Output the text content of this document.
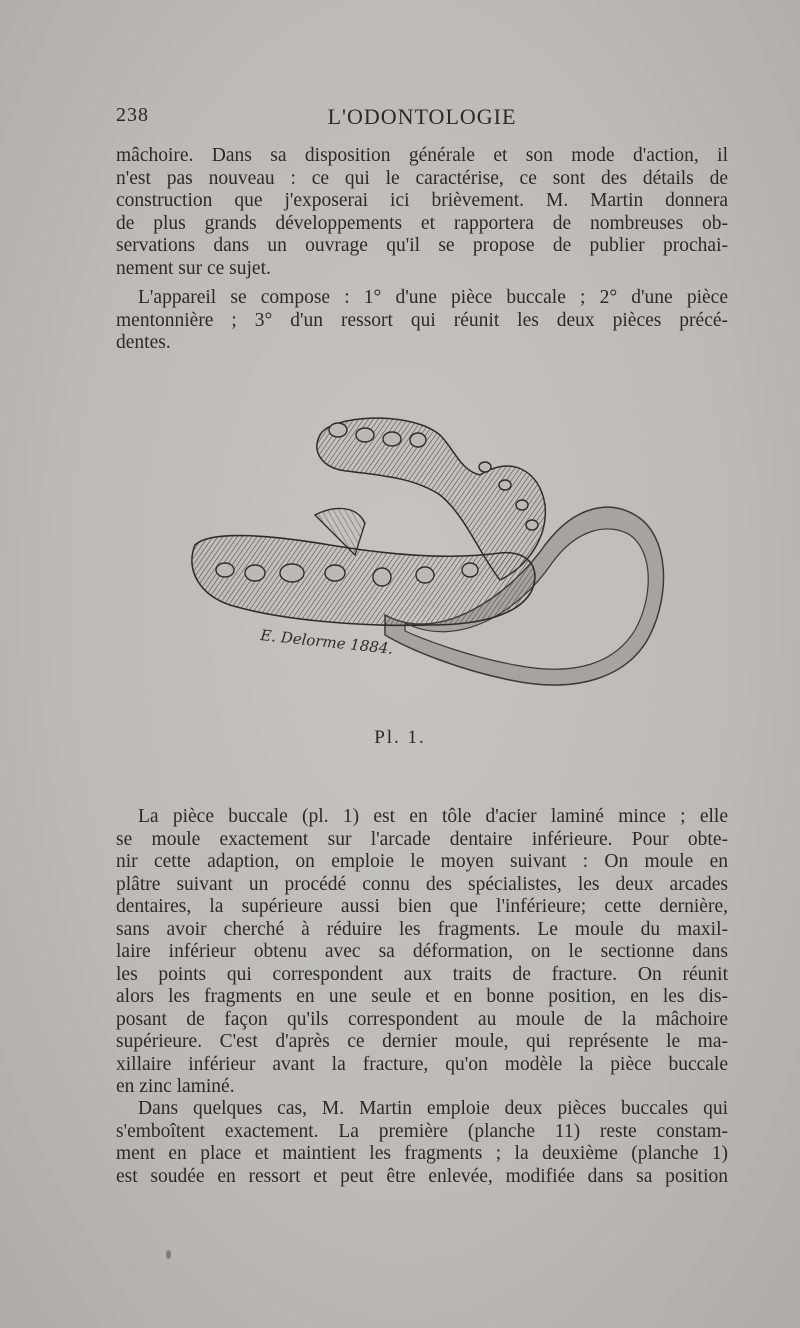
238	L'ODONTOLOGIE
mâchoire. Dans sa disposition générale et son mode d'action, il
n'est pas nouveau : ce qui le caractérise, ce sont des détails de
construction que j'exposerai ici brièvement. M. Martin donnera
de plus grands développements et rapportera de nombreuses ob-
servations dans un ouvrage qu'il se propose de publier prochai-
nement sur ce sujet.
L'appareil se compose : 1° d'une pièce buccale ; 2° d'une pièce
mentonnière ; 3° d'un ressort qui réunit les deux pièces précé-
dentes.
E. Delorme 1884.
Pl. 1.
La pièce buccale (pl. 1) est en tôle d'acier laminé mince ; elle
se moule exactement sur l'arcade dentaire inférieure. Pour obte-
nir cette adaption, on emploie le moyen suivant : On moule en
plâtre suivant un procédé connu des spécialistes, les deux arcades
dentaires, la supérieure aussi bien que l'inférieure; cette dernière,
sans avoir cherché à réduire les fragments. Le moule du maxil-
laire inférieur obtenu avec sa déformation, on le sectionne dans
les points qui correspondent aux traits de fracture. On réunit
alors les fragments en une seule et en bonne position, en les dis-
posant de façon qu'ils correspondent au moule de la mâchoire
supérieure. C'est d'après ce dernier moule, qui représente le ma-
xillaire inférieur avant la fracture, qu'on modèle la pièce buccale
en zinc laminé.
Dans quelques cas, M. Martin emploie deux pièces buccales qui
s'emboîtent exactement. La première (planche 11) reste constam-
ment en place et maintient les fragments ; la deuxième (planche 1)
est soudée en ressort et peut être enlevée, modifiée dans sa position
